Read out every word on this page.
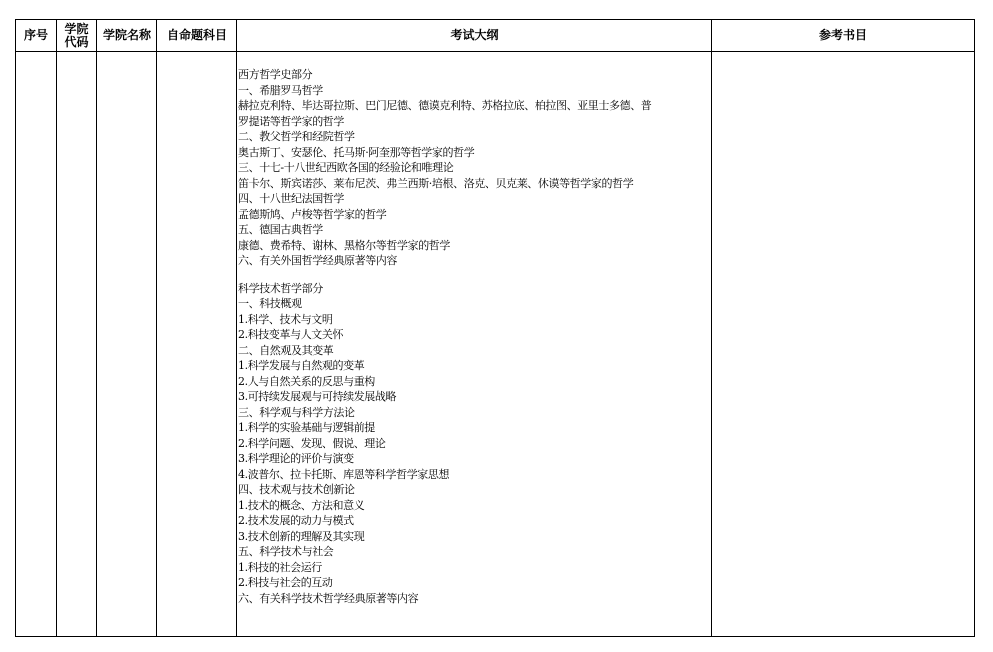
序号 学院代码 学院名称 自命题科目	考试大纲	参考书目
西方哲学史部分
一、希腊罗马哲学
赫拉克利特、毕达哥拉斯、巴门尼德、德谟克利特、苏格拉底、柏拉图、亚里士多德、普
罗提诺等哲学家的哲学
二、教父哲学和经院哲学
奥古斯丁、安瑟伦、托马斯·阿奎那等哲学家的哲学
三、十七-十八世纪西欧各国的经验论和唯理论
笛卡尔、斯宾诺莎、莱布尼茨、弗兰西斯·培根、洛克、贝克莱、休谟等哲学家的哲学
四、十八世纪法国哲学
孟德斯鸠、卢梭等哲学家的哲学
五、德国古典哲学
康德、费希特、谢林、黑格尔等哲学家的哲学
六、有关外国哲学经典原著等内容
科学技术哲学部分
一、科技概观
1.科学、技术与文明
2.科技变革与人文关怀
二、自然观及其变革
1.科学发展与自然观的变革
2.人与自然关系的反思与重构
3.可持续发展观与可持续发展战略
三、科学观与科学方法论
1.科学的实验基础与逻辑前提
2.科学问题、发现、假说、理论
3.科学理论的评价与演变
4.波普尔、拉卡托斯、库恩等科学哲学家思想
四、技术观与技术创新论
1.技术的概念、方法和意义
2.技术发展的动力与模式
3.技术创新的理解及其实现
五、科学技术与社会
1.科技的社会运行
2.科技与社会的互动
六、有关科学技术哲学经典原著等内容
